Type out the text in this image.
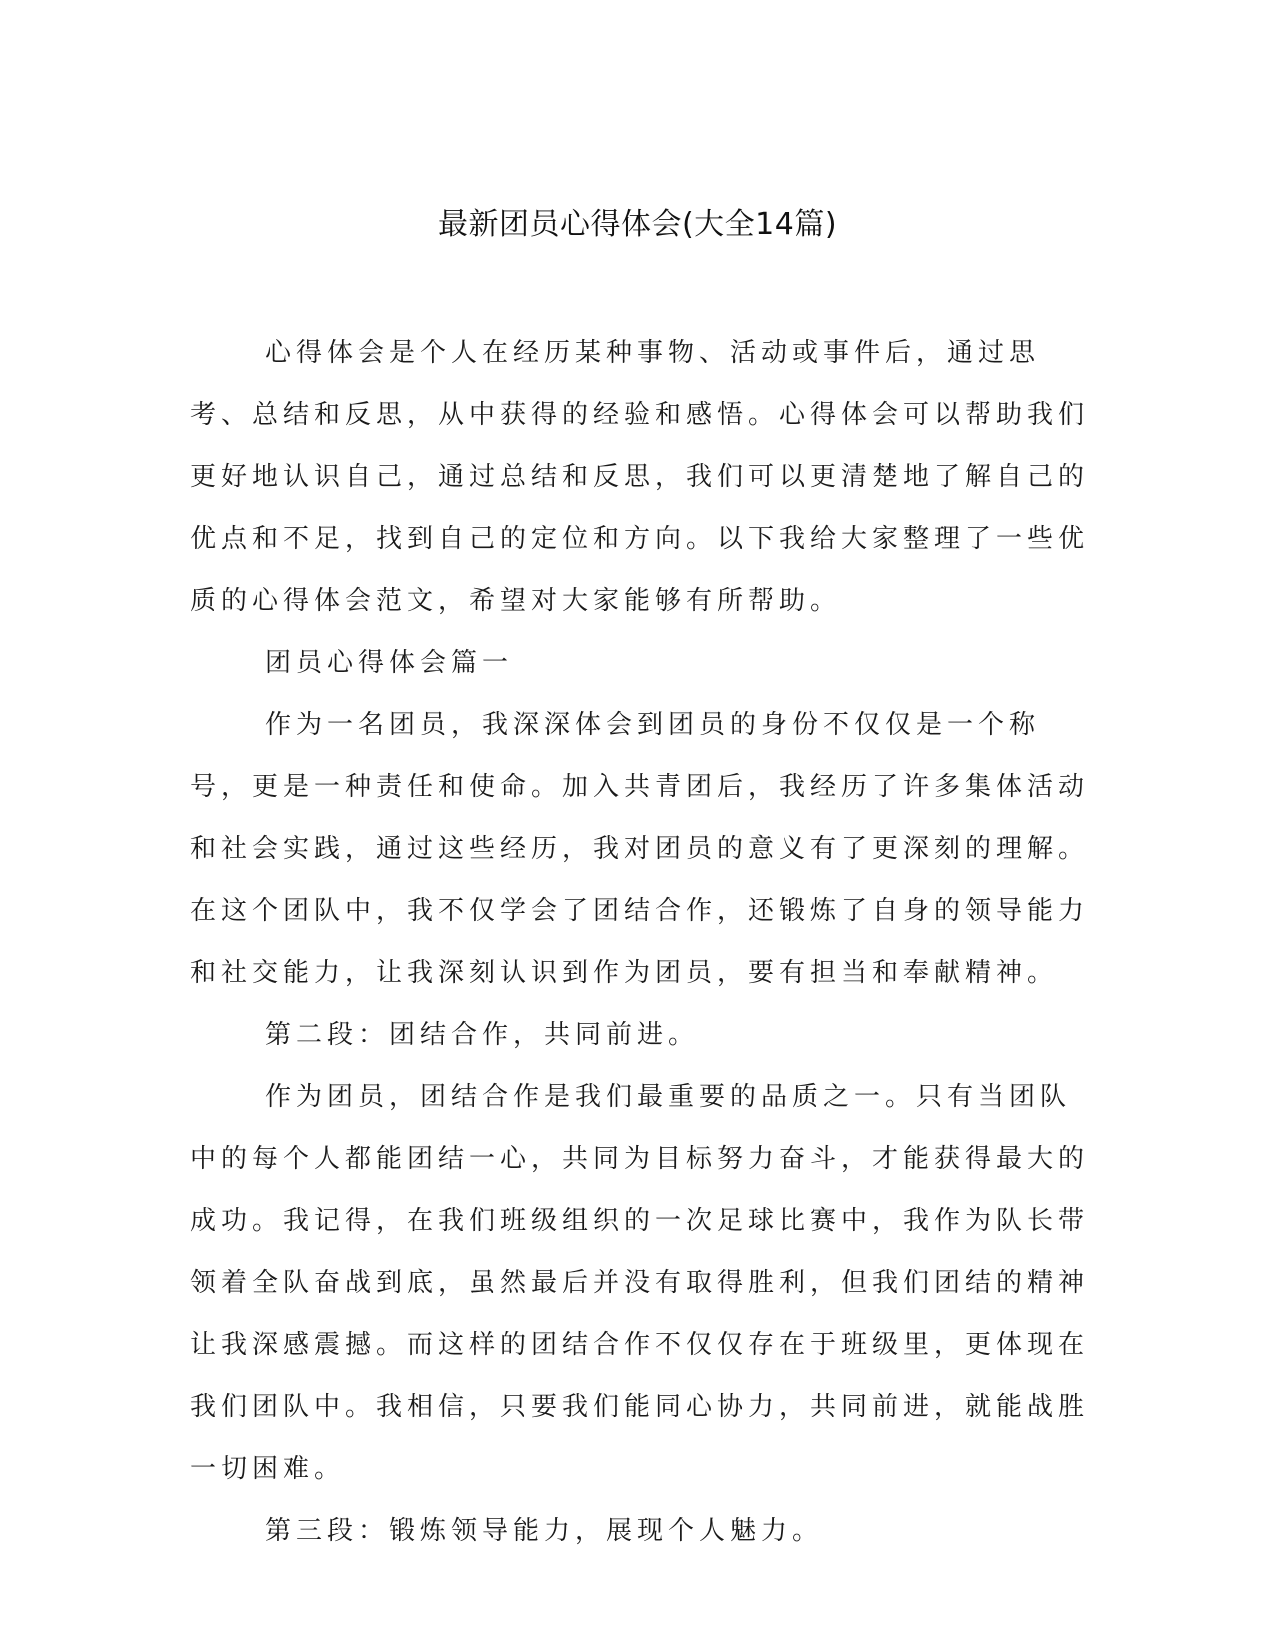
最新团员心得体会(大全14篇)

心得体会是个人在经历某种事物、活动或事件后，通过思考、总结和反思，从中获得的经验和感悟。心得体会可以帮助我们更好地认识自己，通过总结和反思，我们可以更清楚地了解自己的优点和不足，找到自己的定位和方向。以下我给大家整理了一些优质的心得体会范文，希望对大家能够有所帮助。

团员心得体会篇一

作为一名团员，我深深体会到团员的身份不仅仅是一个称号，更是一种责任和使命。加入共青团后，我经历了许多集体活动和社会实践，通过这些经历，我对团员的意义有了更深刻的理解。在这个团队中，我不仅学会了团结合作，还锻炼了自身的领导能力和社交能力，让我深刻认识到作为团员，要有担当和奉献精神。

第二段：团结合作，共同前进。

作为团员，团结合作是我们最重要的品质之一。只有当团队中的每个人都能团结一心，共同为目标努力奋斗，才能获得最大的成功。我记得，在我们班级组织的一次足球比赛中，我作为队长带领着全队奋战到底，虽然最后并没有取得胜利，但我们团结的精神让我深感震撼。而这样的团结合作不仅仅存在于班级里，更体现在我们团队中。我相信，只要我们能同心协力，共同前进，就能战胜一切困难。

第三段：锻炼领导能力，展现个人魅力。
